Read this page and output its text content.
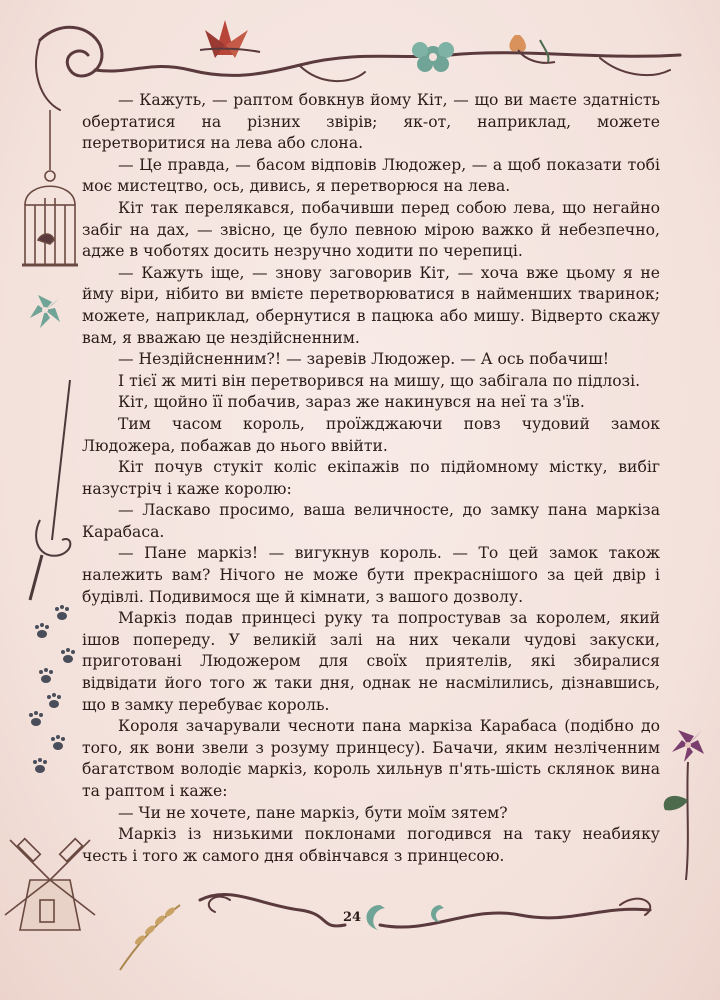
— Кажуть, — раптом бовкнув йому Кіт, — що ви маєте здатність обертатися на різних звірів; як-от, наприклад, можете перетворитися на лева або слона.

— Це правда, — басом відповів Людожер, — а щоб показати тобі моє мистецтво, ось, дивись, я перетворюся на лева.

Кіт так перелякався, побачивши перед собою лева, що негайно забіг на дах, — звісно, це було певною мірою важко й небезпечно, адже в чоботях досить незручно ходити по черепиці.

— Кажуть іще, — знову заговорив Кіт, — хоча вже цьому я не йму віри, нібито ви вмієте перетворюватися в найменших тваринок; можете, наприклад, обернутися в пацюка або мишу. Відверто скажу вам, я вважаю це нездійсненним.

— Нездійсненним?! — заревів Людожер. — А ось побачиш!

І тієї ж миті він перетворився на мишу, що забігала по підлозі.

Кіт, щойно її побачив, зараз же накинувся на неї та з'їв.

Тим часом король, проїжджаючи повз чудовий замок Людожера, побажав до нього ввійти.

Кіт почув стукіт коліс екіпажів по підйомному містку, вибіг назустріч і каже королю:

— Ласкаво просимо, ваша величносте, до замку пана маркіза Карабаса.

— Пане маркіз! — вигукнув король. — То цей замок також належить вам? Нічого не може бути прекраснішого за цей двір і будівлі. Подивимося ще й кімнати, з вашого дозволу.

Маркіз подав принцесі руку та попростував за королем, який ішов попереду. У великій залі на них чекали чудові закуски, приготовані Людожером для своїх приятелів, які збиралися відвідати його того ж таки дня, однак не насмілились, дізнавшись, що в замку перебуває король.

Короля зачарували чесноти пана маркіза Карабаса (подібно до того, як вони звели з розуму принцесу). Бачачи, яким незліченним багатством володіє маркіз, король хильнув п'ять-шість склянок вина та раптом і каже:

— Чи не хочете, пане маркіз, бути моїм зятем?

Маркіз із низькими поклонами погодився на таку неабияку честь і того ж самого дня обвінчався з принцесою.

24
